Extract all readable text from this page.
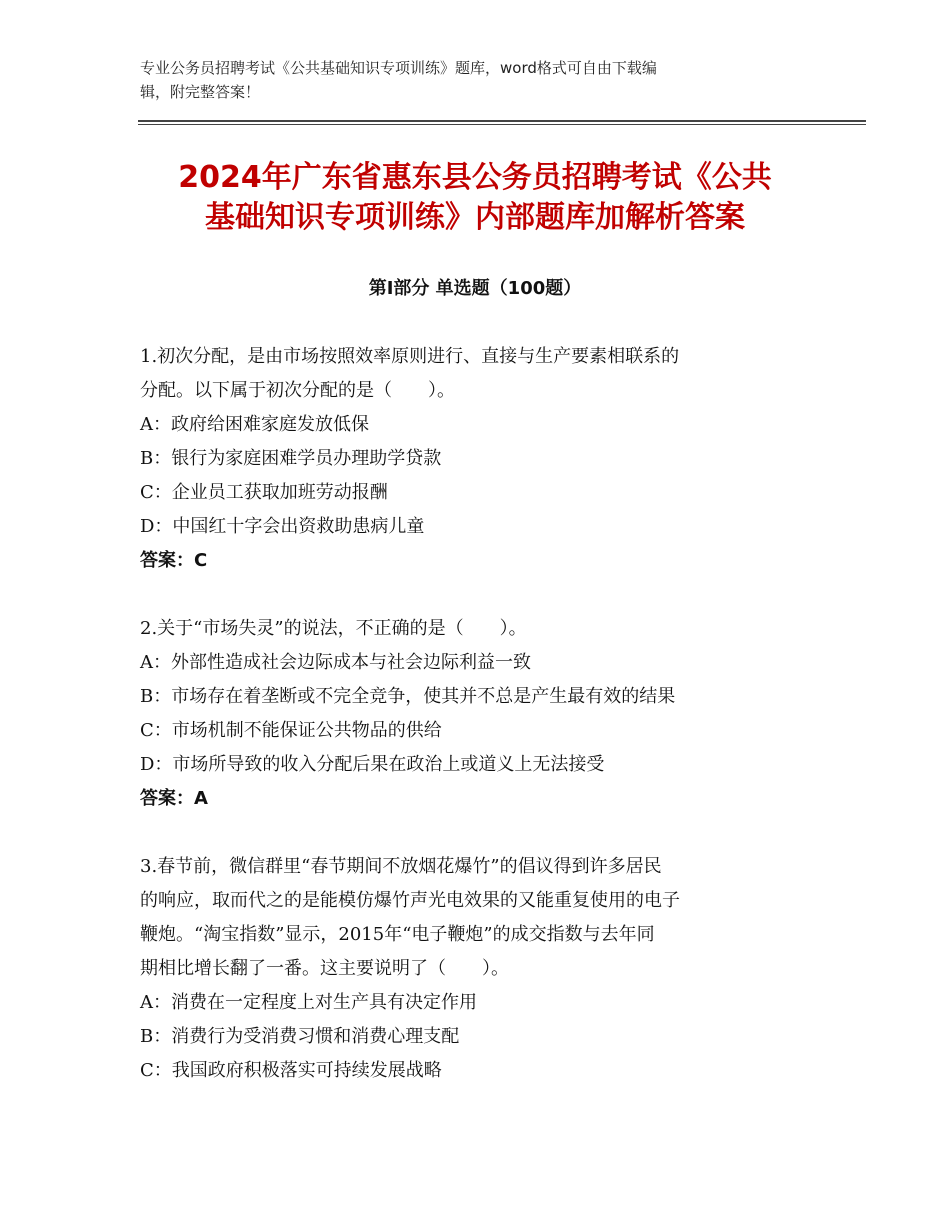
专业公务员招聘考试《公共基础知识专项训练》题库，word格式可自由下载编
辑，附完整答案！
2024年广东省惠东县公务员招聘考试《公共
基础知识专项训练》内部题库加解析答案
第Ⅰ部分 单选题（100题）

1.初次分配，是由市场按照效率原则进行、直接与生产要素相联系的

分配。以下属于初次分配的是（　　）。

A：政府给困难家庭发放低保

B：银行为家庭困难学员办理助学贷款

C：企业员工获取加班劳动报酬

D：中国红十字会出资救助患病儿童

答案：C

2.关于“市场失灵”的说法，不正确的是（　　）。

A：外部性造成社会边际成本与社会边际利益一致

B：市场存在着垄断或不完全竞争，使其并不总是产生最有效的结果

C：市场机制不能保证公共物品的供给

D：市场所导致的收入分配后果在政治上或道义上无法接受

答案：A

3.春节前，微信群里“春节期间不放烟花爆竹”的倡议得到许多居民

的响应，取而代之的是能模仿爆竹声光电效果的又能重复使用的电子

鞭炮。“淘宝指数”显示，2015年“电子鞭炮”的成交指数与去年同

期相比增长翻了一番。这主要说明了（　　）。

A：消费在一定程度上对生产具有决定作用

B：消费行为受消费习惯和消费心理支配

C：我国政府积极落实可持续发展战略
